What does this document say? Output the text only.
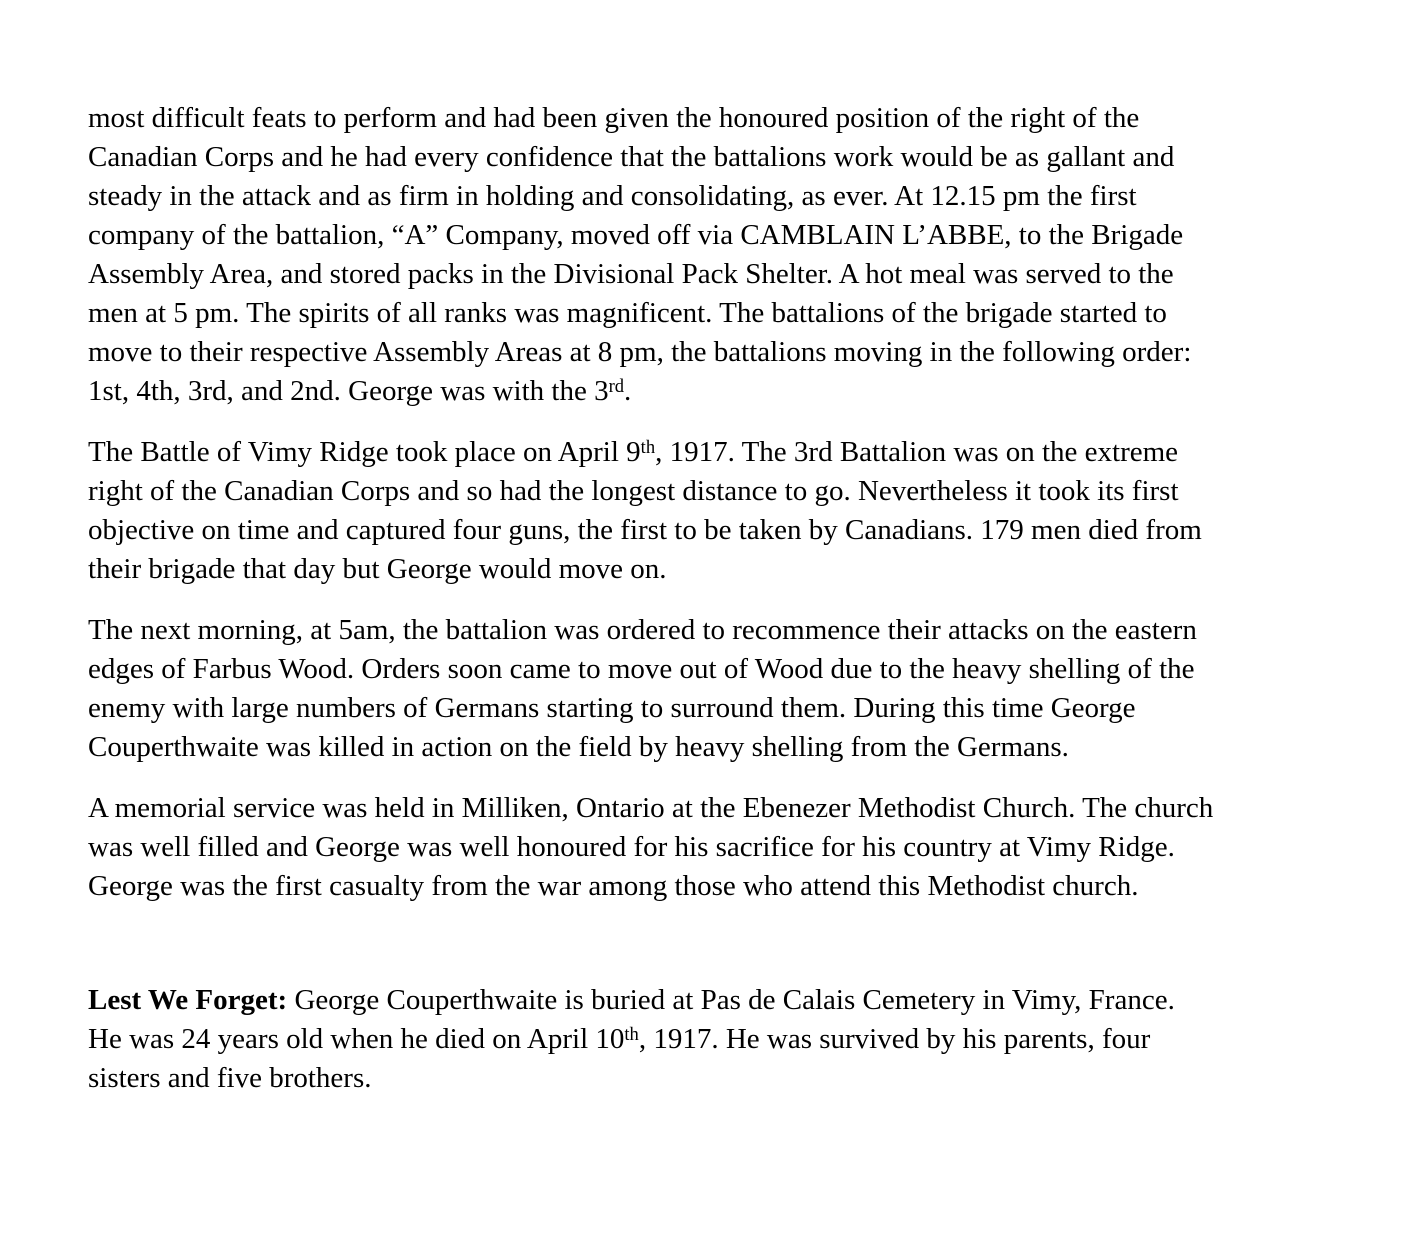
most difficult feats to perform and had been given the honoured position of the right of the
Canadian Corps and he had every confidence that the battalions work would be as gallant and
steady in the attack and as firm in holding and consolidating, as ever. At 12.15 pm the first
company of the battalion, “A” Company, moved off via CAMBLAIN L’ABBE, to the Brigade
Assembly Area, and stored packs in the Divisional Pack Shelter. A hot meal was served to the
men at 5 pm. The spirits of all ranks was magnificent. The battalions of the brigade started to
move to their respective Assembly Areas at 8 pm, the battalions moving in the following order:
1st, 4th, 3rd, and 2nd. George was with the 3rd.

The Battle of Vimy Ridge took place on April 9th, 1917. The 3rd Battalion was on the extreme
right of the Canadian Corps and so had the longest distance to go. Nevertheless it took its first
objective on time and captured four guns, the first to be taken by Canadians. 179 men died from
their brigade that day but George would move on.

The next morning, at 5am, the battalion was ordered to recommence their attacks on the eastern
edges of Farbus Wood. Orders soon came to move out of Wood due to the heavy shelling of the
enemy with large numbers of Germans starting to surround them. During this time George
Couperthwaite was killed in action on the field by heavy shelling from the Germans.

A memorial service was held in Milliken, Ontario at the Ebenezer Methodist Church. The church
was well filled and George was well honoured for his sacrifice for his country at Vimy Ridge.
George was the first casualty from the war among those who attend this Methodist church.

Lest We Forget: George Couperthwaite is buried at Pas de Calais Cemetery in Vimy, France.
He was 24 years old when he died on April 10th, 1917. He was survived by his parents, four
sisters and five brothers.
